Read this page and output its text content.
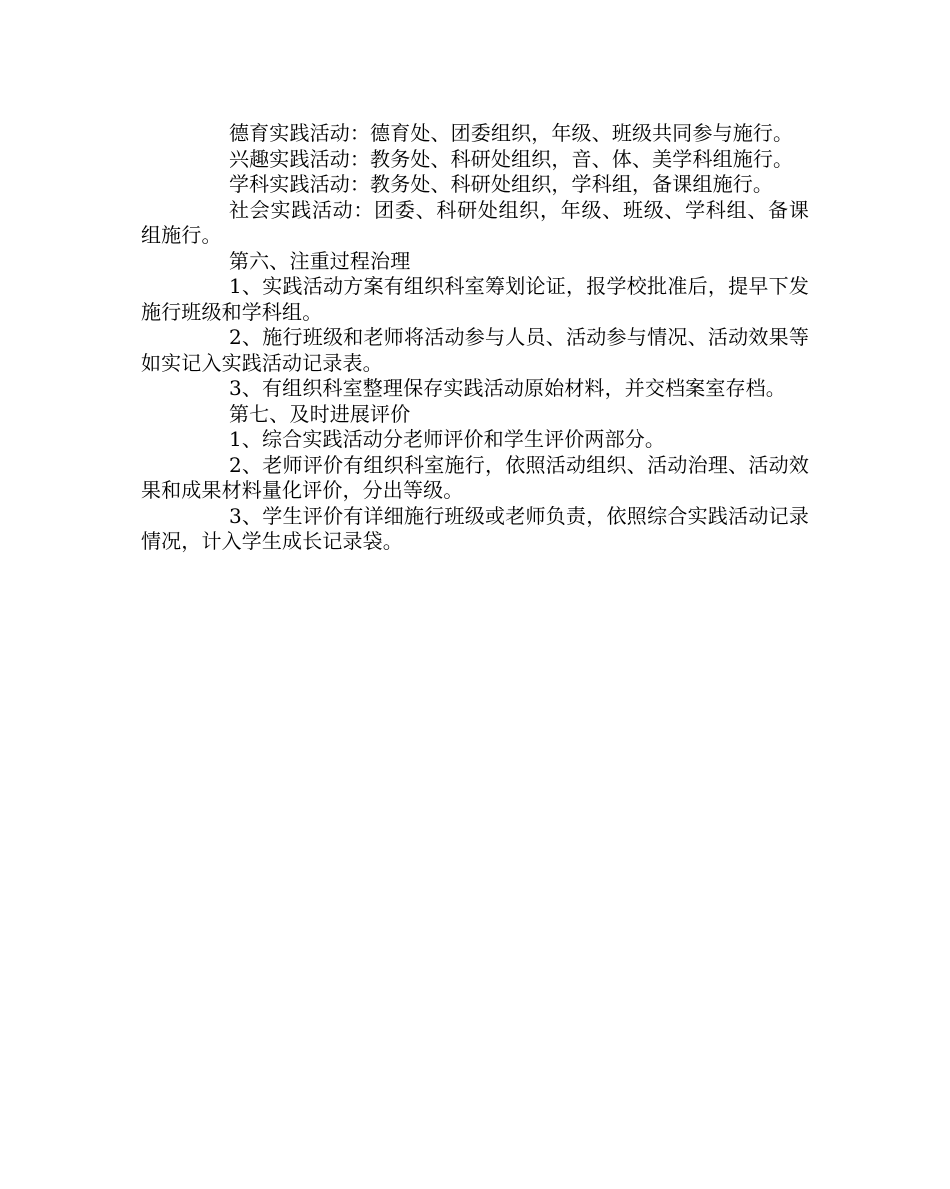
德育实践活动：德育处、团委组织，年级、班级共同参与施行。

兴趣实践活动：教务处、科研处组织，音、体、美学科组施行。

学科实践活动：教务处、科研处组织，学科组，备课组施行。

社会实践活动：团委、科研处组织，年级、班级、学科组、备课组施行。

第六、注重过程治理

1、实践活动方案有组织科室筹划论证，报学校批准后，提早下发施行班级和学科组。

2、施行班级和老师将活动参与人员、活动参与情况、活动效果等如实记入实践活动记录表。

3、有组织科室整理保存实践活动原始材料，并交档案室存档。

第七、及时进展评价

1、综合实践活动分老师评价和学生评价两部分。

2、老师评价有组织科室施行，依照活动组织、活动治理、活动效果和成果材料量化评价，分出等级。

3、学生评价有详细施行班级或老师负责，依照综合实践活动记录情况，计入学生成长记录袋。
